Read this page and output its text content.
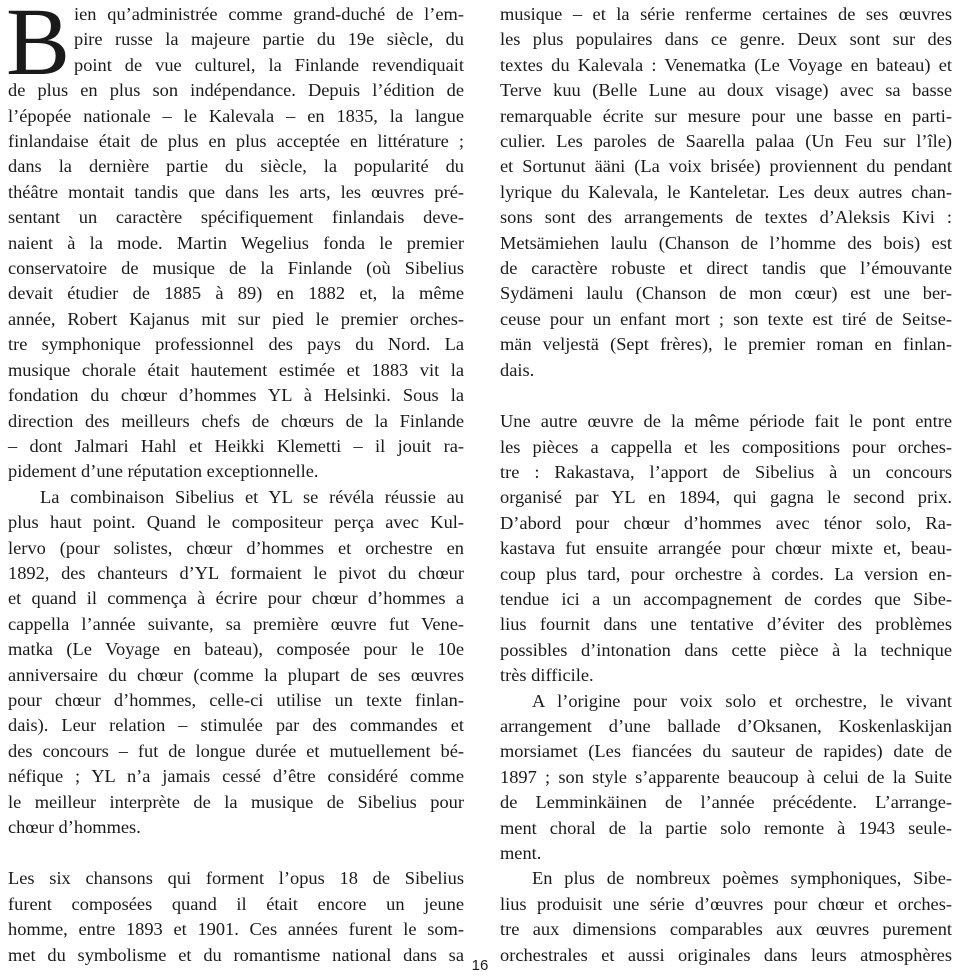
B ien qu’administrée comme grand-duché de l’em-
pire russe la majeure partie du 19e siècle, du
point de vue culturel, la Finlande revendiquait
de plus en plus son indépendance. Depuis l’édition de
l’épopée nationale – le Kalevala – en 1835, la langue
finlandaise était de plus en plus acceptée en littérature ;
dans la dernière partie du siècle, la popularité du
théâtre montait tandis que dans les arts, les œuvres pré-
sentant un caractère spécifiquement finlandais deve-
naient à la mode. Martin Wegelius fonda le premier
conservatoire de musique de la Finlande (où Sibelius
devait étudier de 1885 à 89) en 1882 et, la même
année, Robert Kajanus mit sur pied le premier orches-
tre symphonique professionnel des pays du Nord. La
musique chorale était hautement estimée et 1883 vit la
fondation du chœur d’hommes YL à Helsinki. Sous la
direction des meilleurs chefs de chœurs de la Finlande
– dont Jalmari Hahl et Heikki Klemetti – il jouit ra-
pidement d’une réputation exceptionnelle.
La combinaison Sibelius et YL se révéla réussie au
plus haut point. Quand le compositeur perça avec Kul-
lervo (pour solistes, chœur d’hommes et orchestre en
1892, des chanteurs d’YL formaient le pivot du chœur
et quand il commença à écrire pour chœur d’hommes a
cappella l’année suivante, sa première œuvre fut Vene-
matka (Le Voyage en bateau), composée pour le 10e
anniversaire du chœur (comme la plupart de ses œuvres
pour chœur d’hommes, celle-ci utilise un texte finlan-
dais). Leur relation – stimulée par des commandes et
des concours – fut de longue durée et mutuellement bé-
néfique ; YL n’a jamais cessé d’être considéré comme
le meilleur interprète de la musique de Sibelius pour
chœur d’hommes.
Les six chansons qui forment l’opus 18 de Sibelius
furent composées quand il était encore un jeune
homme, entre 1893 et 1901. Ces années furent le som-
met du symbolisme et du romantisme national dans sa
musique – et la série renferme certaines de ses œuvres
les plus populaires dans ce genre. Deux sont sur des
textes du Kalevala : Venematka (Le Voyage en bateau) et
Terve kuu (Belle Lune au doux visage) avec sa basse
remarquable écrite sur mesure pour une basse en parti-
culier. Les paroles de Saarella palaa (Un Feu sur l’île)
et Sortunut ääni (La voix brisée) proviennent du pendant
lyrique du Kalevala, le Kanteletar. Les deux autres chan-
sons sont des arrangements de textes d’Aleksis Kivi :
Metsämiehen laulu (Chanson de l’homme des bois) est
de caractère robuste et direct tandis que l’émouvante
Sydämeni laulu (Chanson de mon cœur) est une ber-
ceuse pour un enfant mort ; son texte est tiré de Seitse-
män veljestä (Sept frères), le premier roman en finlan-
dais.
Une autre œuvre de la même période fait le pont entre
les pièces a cappella et les compositions pour orches-
tre : Rakastava, l’apport de Sibelius à un concours
organisé par YL en 1894, qui gagna le second prix.
D’abord pour chœur d’hommes avec ténor solo, Ra-
kastava fut ensuite arrangée pour chœur mixte et, beau-
coup plus tard, pour orchestre à cordes. La version en-
tendue ici a un accompagnement de cordes que Sibe-
lius fournit dans une tentative d’éviter des problèmes
possibles d’intonation dans cette pièce à la technique
très difficile.
A l’origine pour voix solo et orchestre, le vivant
arrangement d’une ballade d’Oksanen, Koskenlaskijan
morsiamet (Les fiancées du sauteur de rapides) date de
1897 ; son style s’apparente beaucoup à celui de la Suite
de Lemminkäinen de l’année précédente. L’arrange-
ment choral de la partie solo remonte à 1943 seule-
ment.
En plus de nombreux poèmes symphoniques, Sibe-
lius produisit une série d’œuvres pour chœur et orches-
tre aux dimensions comparables aux œuvres purement
orchestrales et aussi originales dans leurs atmosphères
16
